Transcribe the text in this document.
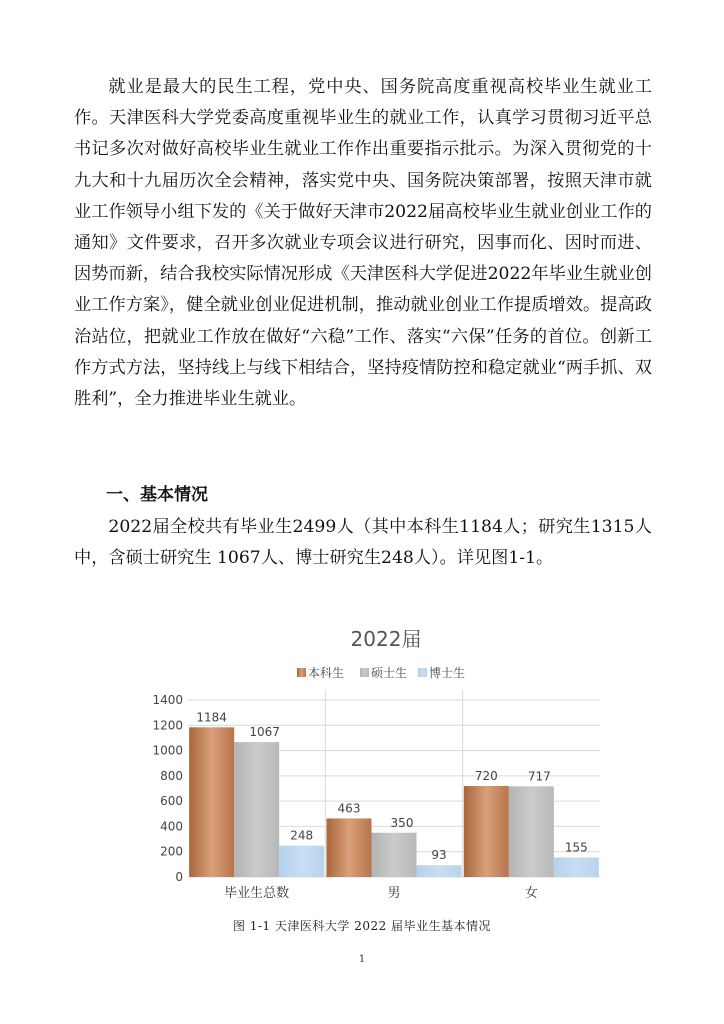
就业是最大的民生工程，党中央、国务院高度重视高校毕业生就业工作。天津医科大学党委高度重视毕业生的就业工作，认真学习贯彻习近平总书记多次对做好高校毕业生就业工作作出重要指示批示。为深入贯彻党的十九大和十九届历次全会精神，落实党中央、国务院决策部署，按照天津市就业工作领导小组下发的《关于做好天津市2022届高校毕业生就业创业工作的通知》文件要求，召开多次就业专项会议进行研究，因事而化、因时而进、因势而新，结合我校实际情况形成《天津医科大学促进2022年毕业生就业创业工作方案》，健全就业创业促进机制，推动就业创业工作提质增效。提高政治站位，把就业工作放在做好“六稳”工作、落实“六保”任务的首位。创新工作方式方法，坚持线上与线下相结合，坚持疫情防控和稳定就业“两手抓、双胜利”，全力推进毕业生就业。

一、基本情况

2022届全校共有毕业生2499人（其中本科生1184人；研究生1315人中，含硕士研究生 1067人、博士研究生248人）。详见图1-1。

2022届
本科生 硕士生 博士生
0
200
400
600
800
1000
1200
1400
1184
1067
248
463
350
93
720	717
155
毕业生总数	男	女
图 1-1 天津医科大学 2022 届毕业生基本情况
1
